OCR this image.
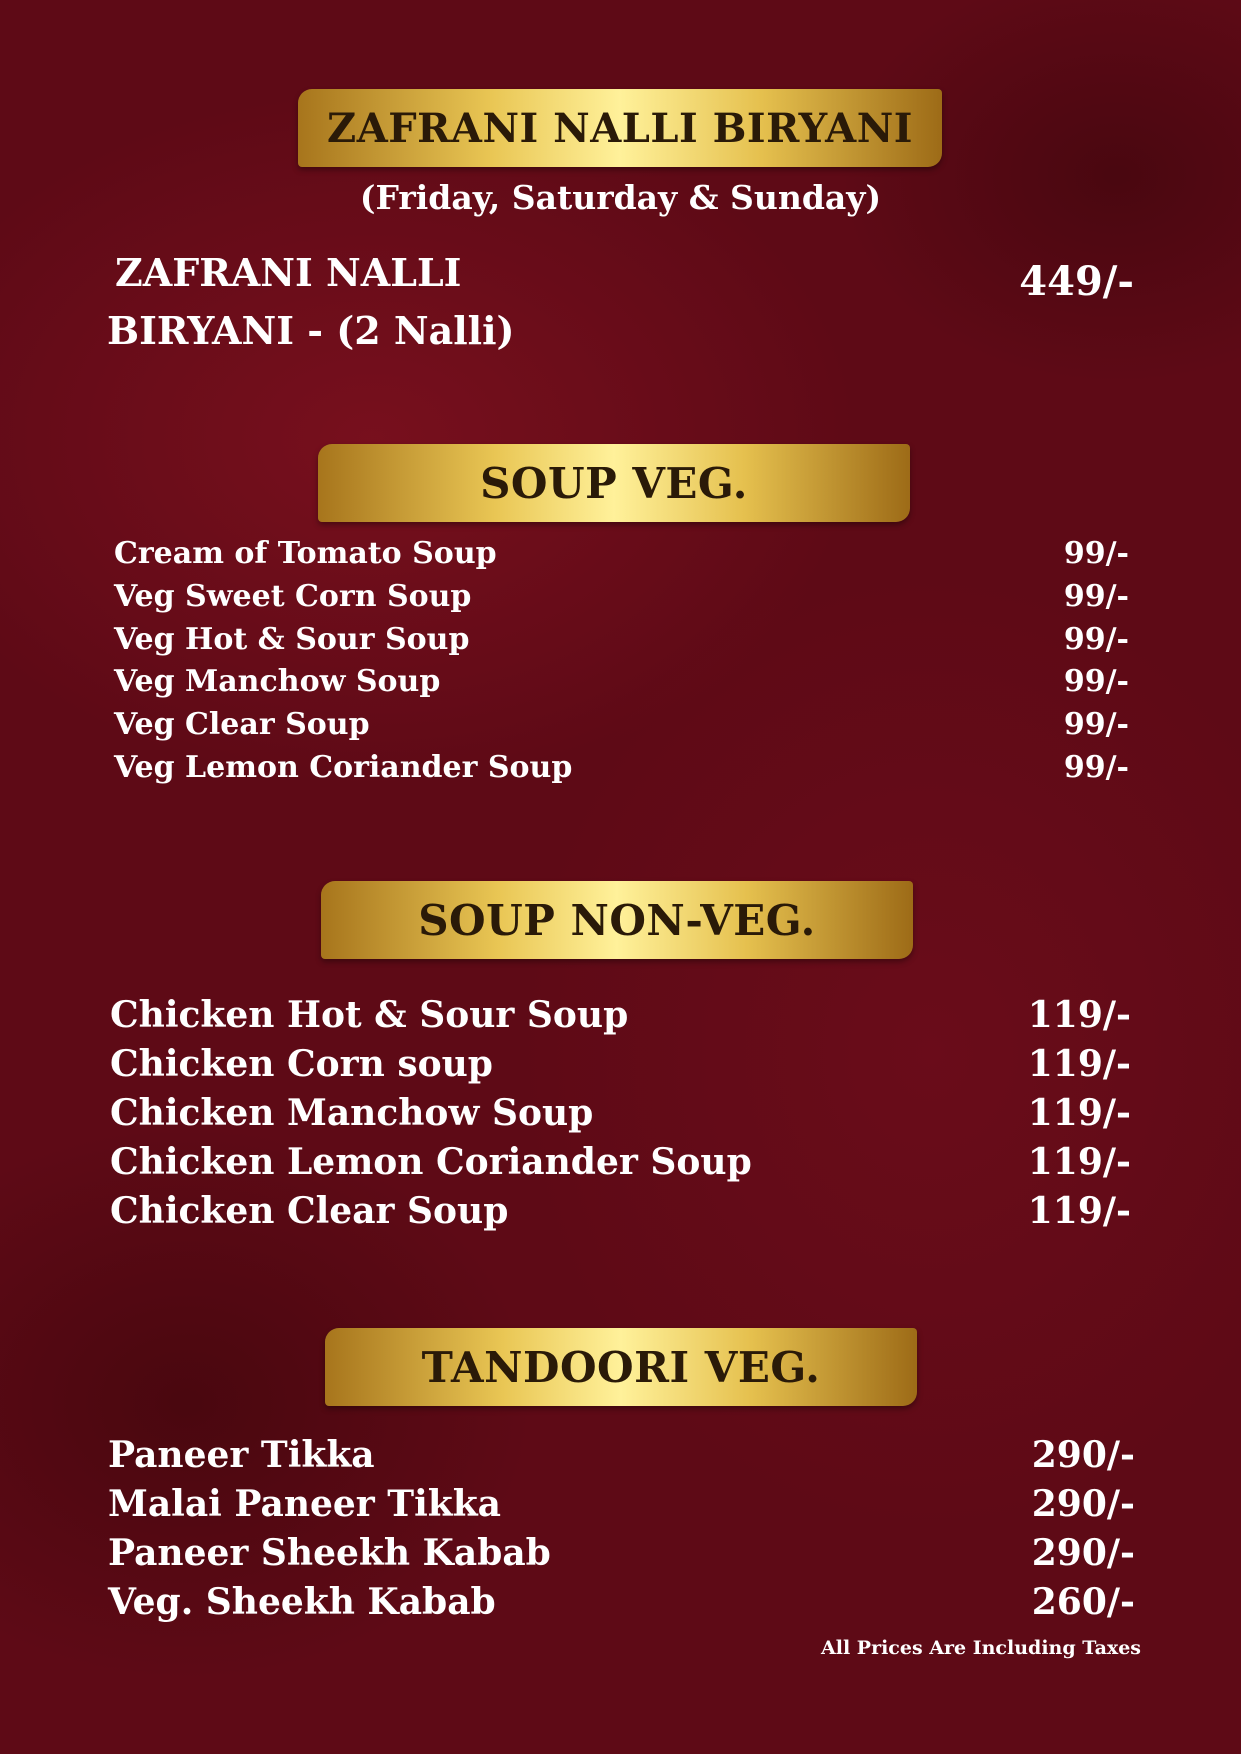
ZAFRANI NALLI BIRYANI
(Friday, Saturday & Sunday)
ZAFRANI NALLI
BIRYANI - (2 Nalli)
449/-
SOUP VEG.
Cream of Tomato Soup	99/-
Veg Sweet Corn Soup	99/-
Veg Hot & Sour Soup	99/-
Veg Manchow Soup	99/-
Veg Clear Soup	99/-
Veg Lemon Coriander Soup	99/-
SOUP NON-VEG.
Chicken Hot & Sour Soup	119/-
Chicken Corn soup	119/-
Chicken Manchow Soup	119/-
Chicken Lemon Coriander Soup	119/-
Chicken Clear Soup	119/-
TANDOORI VEG.
Paneer Tikka	290/-
Malai Paneer Tikka	290/-
Paneer Sheekh Kabab	290/-
Veg. Sheekh Kabab	260/-
All Prices Are Including Taxes
